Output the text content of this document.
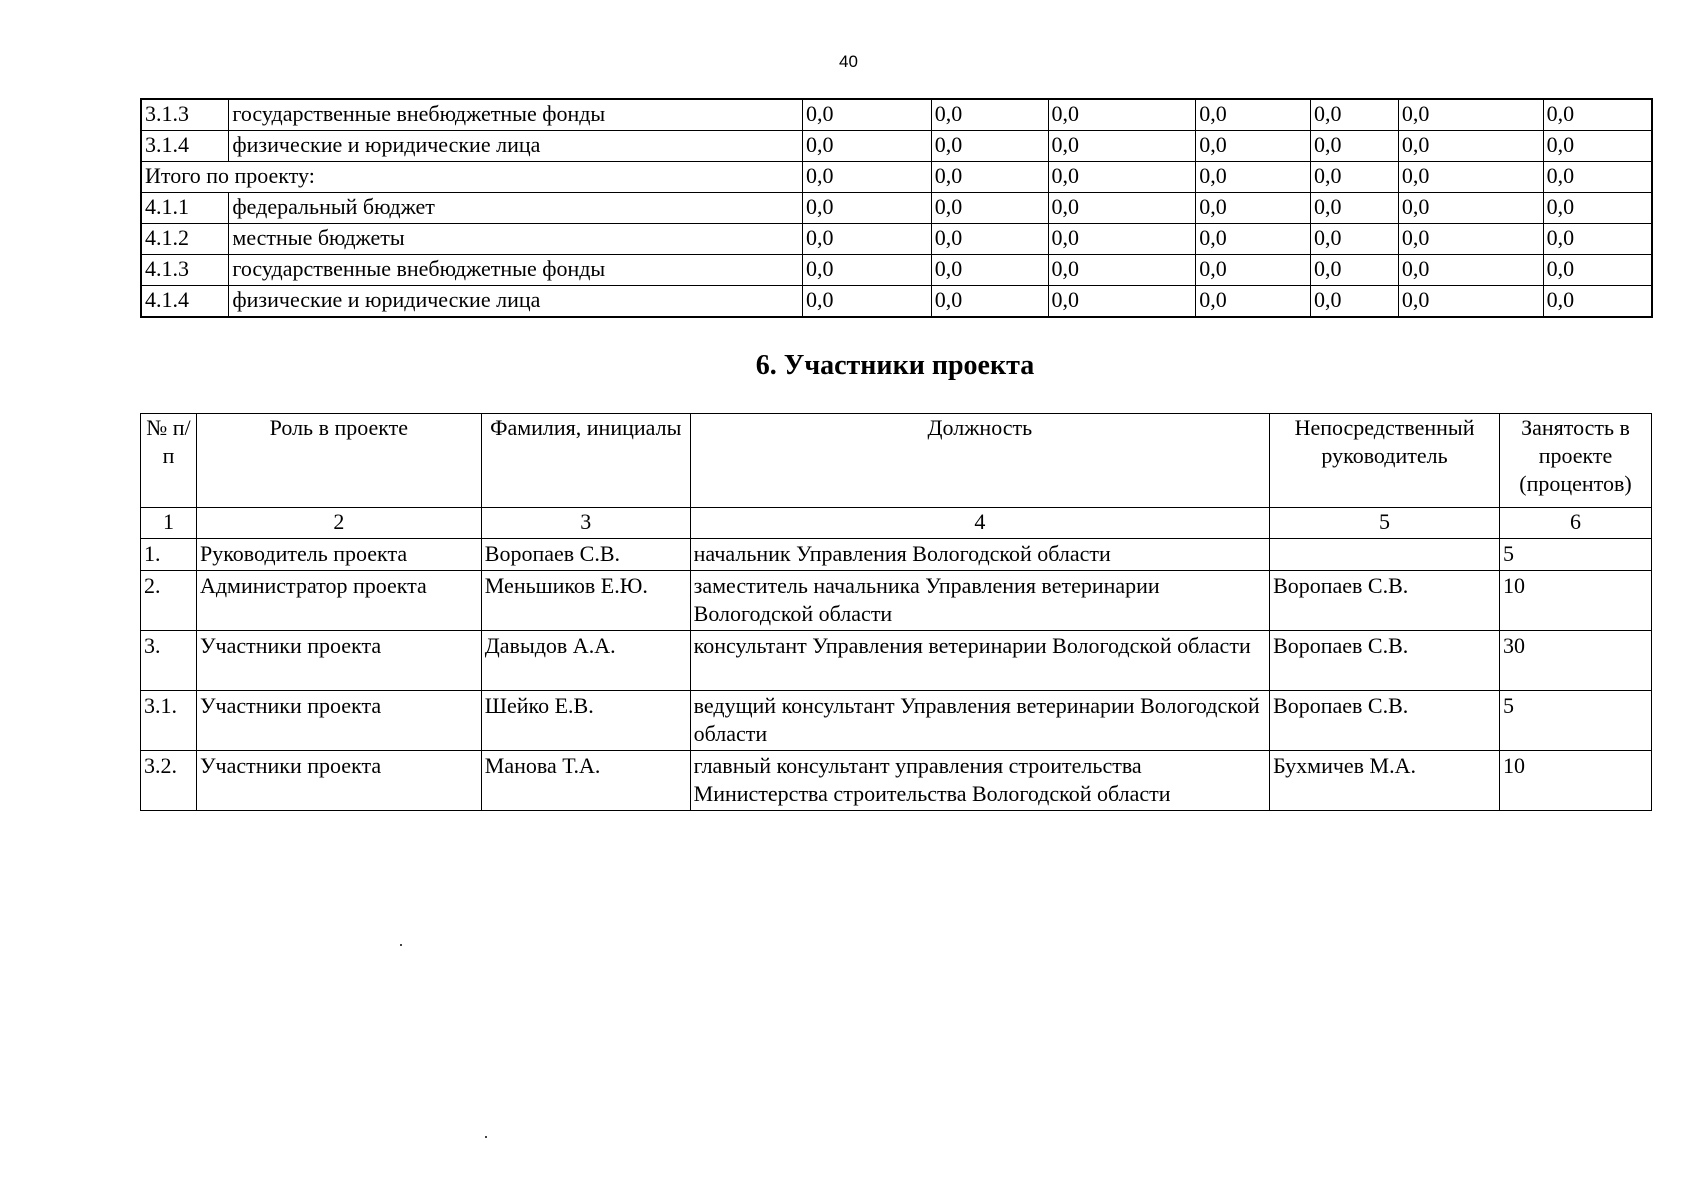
40
3.1.3	государственные внебюджетные фонды	0,0	0,0	0,0	0,0	0,0	0,0	0,0
3.1.4	физические и юридические лица	0,0	0,0	0,0	0,0	0,0	0,0	0,0
Итого по проекту:		0,0	0,0	0,0	0,0	0,0	0,0	0,0
4.1.1	федеральный бюджет	0,0	0,0	0,0	0,0	0,0	0,0	0,0
4.1.2	местные бюджеты	0,0	0,0	0,0	0,0	0,0	0,0	0,0
4.1.3	государственные внебюджетные фонды	0,0	0,0	0,0	0,0	0,0	0,0	0,0
4.1.4	физические и юридические лица	0,0	0,0	0,0	0,0	0,0	0,0	0,0
6. Участники проекта
№ п/п	Роль в проекте	Фамилия, инициалы	Должность	Непосредственный руководитель	Занятость в проекте (процентов)
1	2	3	4	5	6
1.	Руководитель проекта	Воропаев С.В.	начальник Управления Вологодской области		5
2.	Администратор проекта	Меньшиков Е.Ю.	заместитель начальника Управления ветеринарии Вологодской области	Воропаев С.В.	10
3.	Участники проекта	Давыдов А.А.	консультант Управления ветеринарии Вологодской области	Воропаев С.В.	30
3.1.	Участники проекта	Шейко Е.В.	ведущий консультант Управления ветеринарии Вологодской области	Воропаев С.В.	5
3.2.	Участники проекта	Манова Т.А.	главный консультант управления строительства Министерства строительства Вологодской области	Бухмичев М.А.	10
